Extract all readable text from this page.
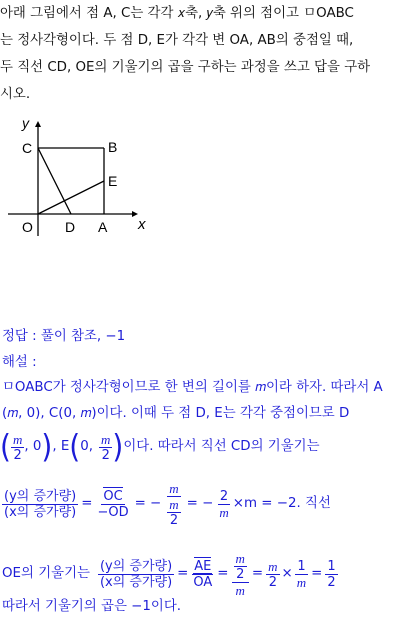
아래 그림에서 점 A, C는 각각 𝑥축, 𝑦축 위의 점이고 ㅁOABC
는 정사각형이다. 두 점 D, E가 각각 변 OA, AB의 중점일 때,
두 직선 CD, OE의 기울기의 곱을 구하는 과정을 쓰고 답을 구하
시오.
y
x
C	B
E
O D A
정답 : 풀이 참조, −1
해설 :
ㅁOABC가 정사각형이므로 한 변의 길이를 𝑚이라 하자. 따라서 A
(𝑚, 0), C(0, 𝑚)이다. 이때 두 점 D, E는 각각 중점이므로 D
( $\frac{m}{2}$ , 0 ) , E ( 0, $\frac{m}{2}$ ) 이다. 따라서 직선 CD의 기울기는
$\frac{\text{(y의 증가량)}}{\text{(x의 증가량)}} = \frac{OC}{-OD}$ = − m
m
2 = − $\frac{2}{m} \times m = -2$. 직선
OE의 기울기는 $\frac{\text{(y의 증가량)}}{\text{(x의 증가량)}} = \frac{AE}{OA} = m$
2
$m = \frac{m}{2} \times \frac{1}{m} = \frac{1}{2}$
따라서 기울기의 곱은 −1이다.
